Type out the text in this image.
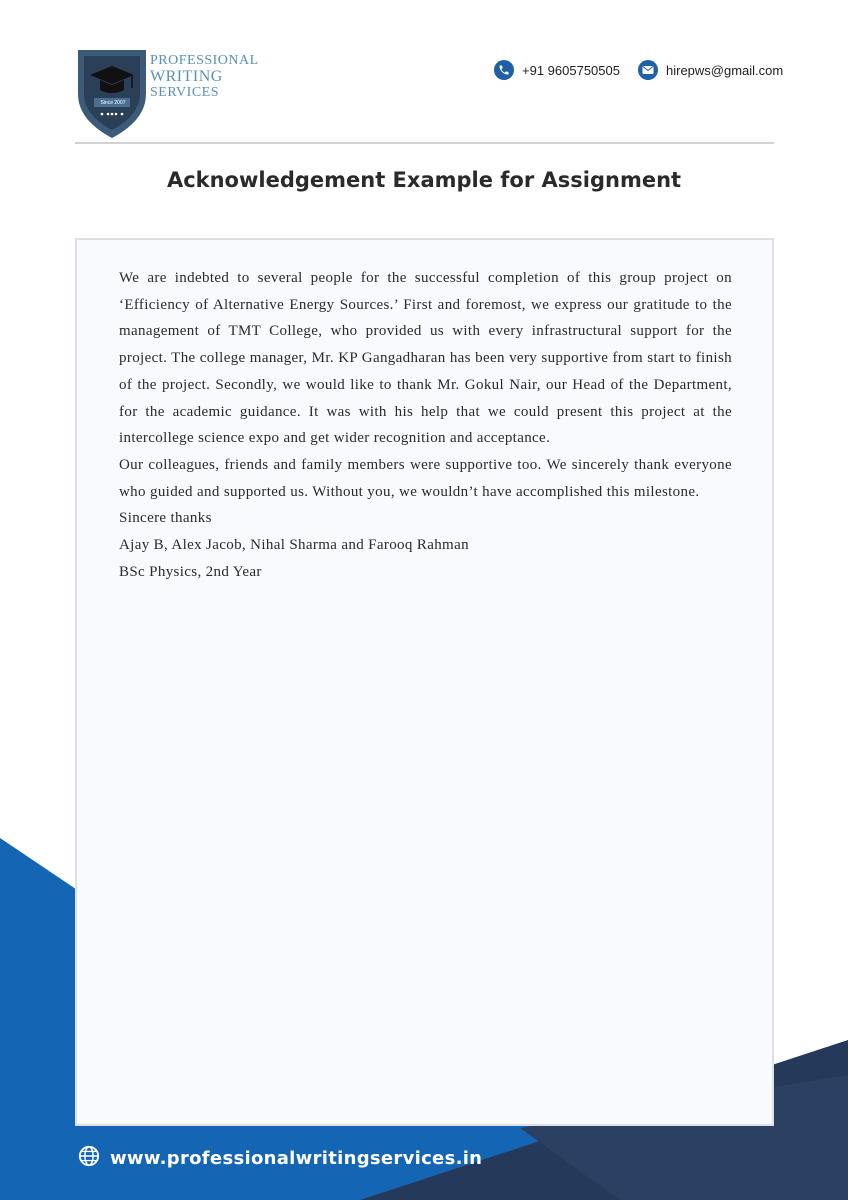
Since 2007
PROFESSIONAL
WRITING
SERVICES
+91 9605750505	hirepws@gmail.com
Acknowledgement Example for Assignment

We are indebted to several people for the successful completion of this group project on ‘Efficiency of Alternative Energy Sources.’ First and foremost, we express our gratitude to the management of TMT College, who provided us with every infrastructural support for the project. The college manager, Mr. KP Gangadharan has been very supportive from start to finish of the project. Secondly, we would like to thank Mr. Gokul Nair, our Head of the Department, for the academic guidance. It was with his help that we could present this project at the intercollege science expo and get wider recognition and acceptance.

Our colleagues, friends and family members were supportive too. We sincerely thank everyone who guided and supported us. Without you, we wouldn’t have accomplished this milestone.

Sincere thanks
Ajay B, Alex Jacob, Nihal Sharma and Farooq Rahman
BSc Physics, 2nd Year
www.professionalwritingservices.in
